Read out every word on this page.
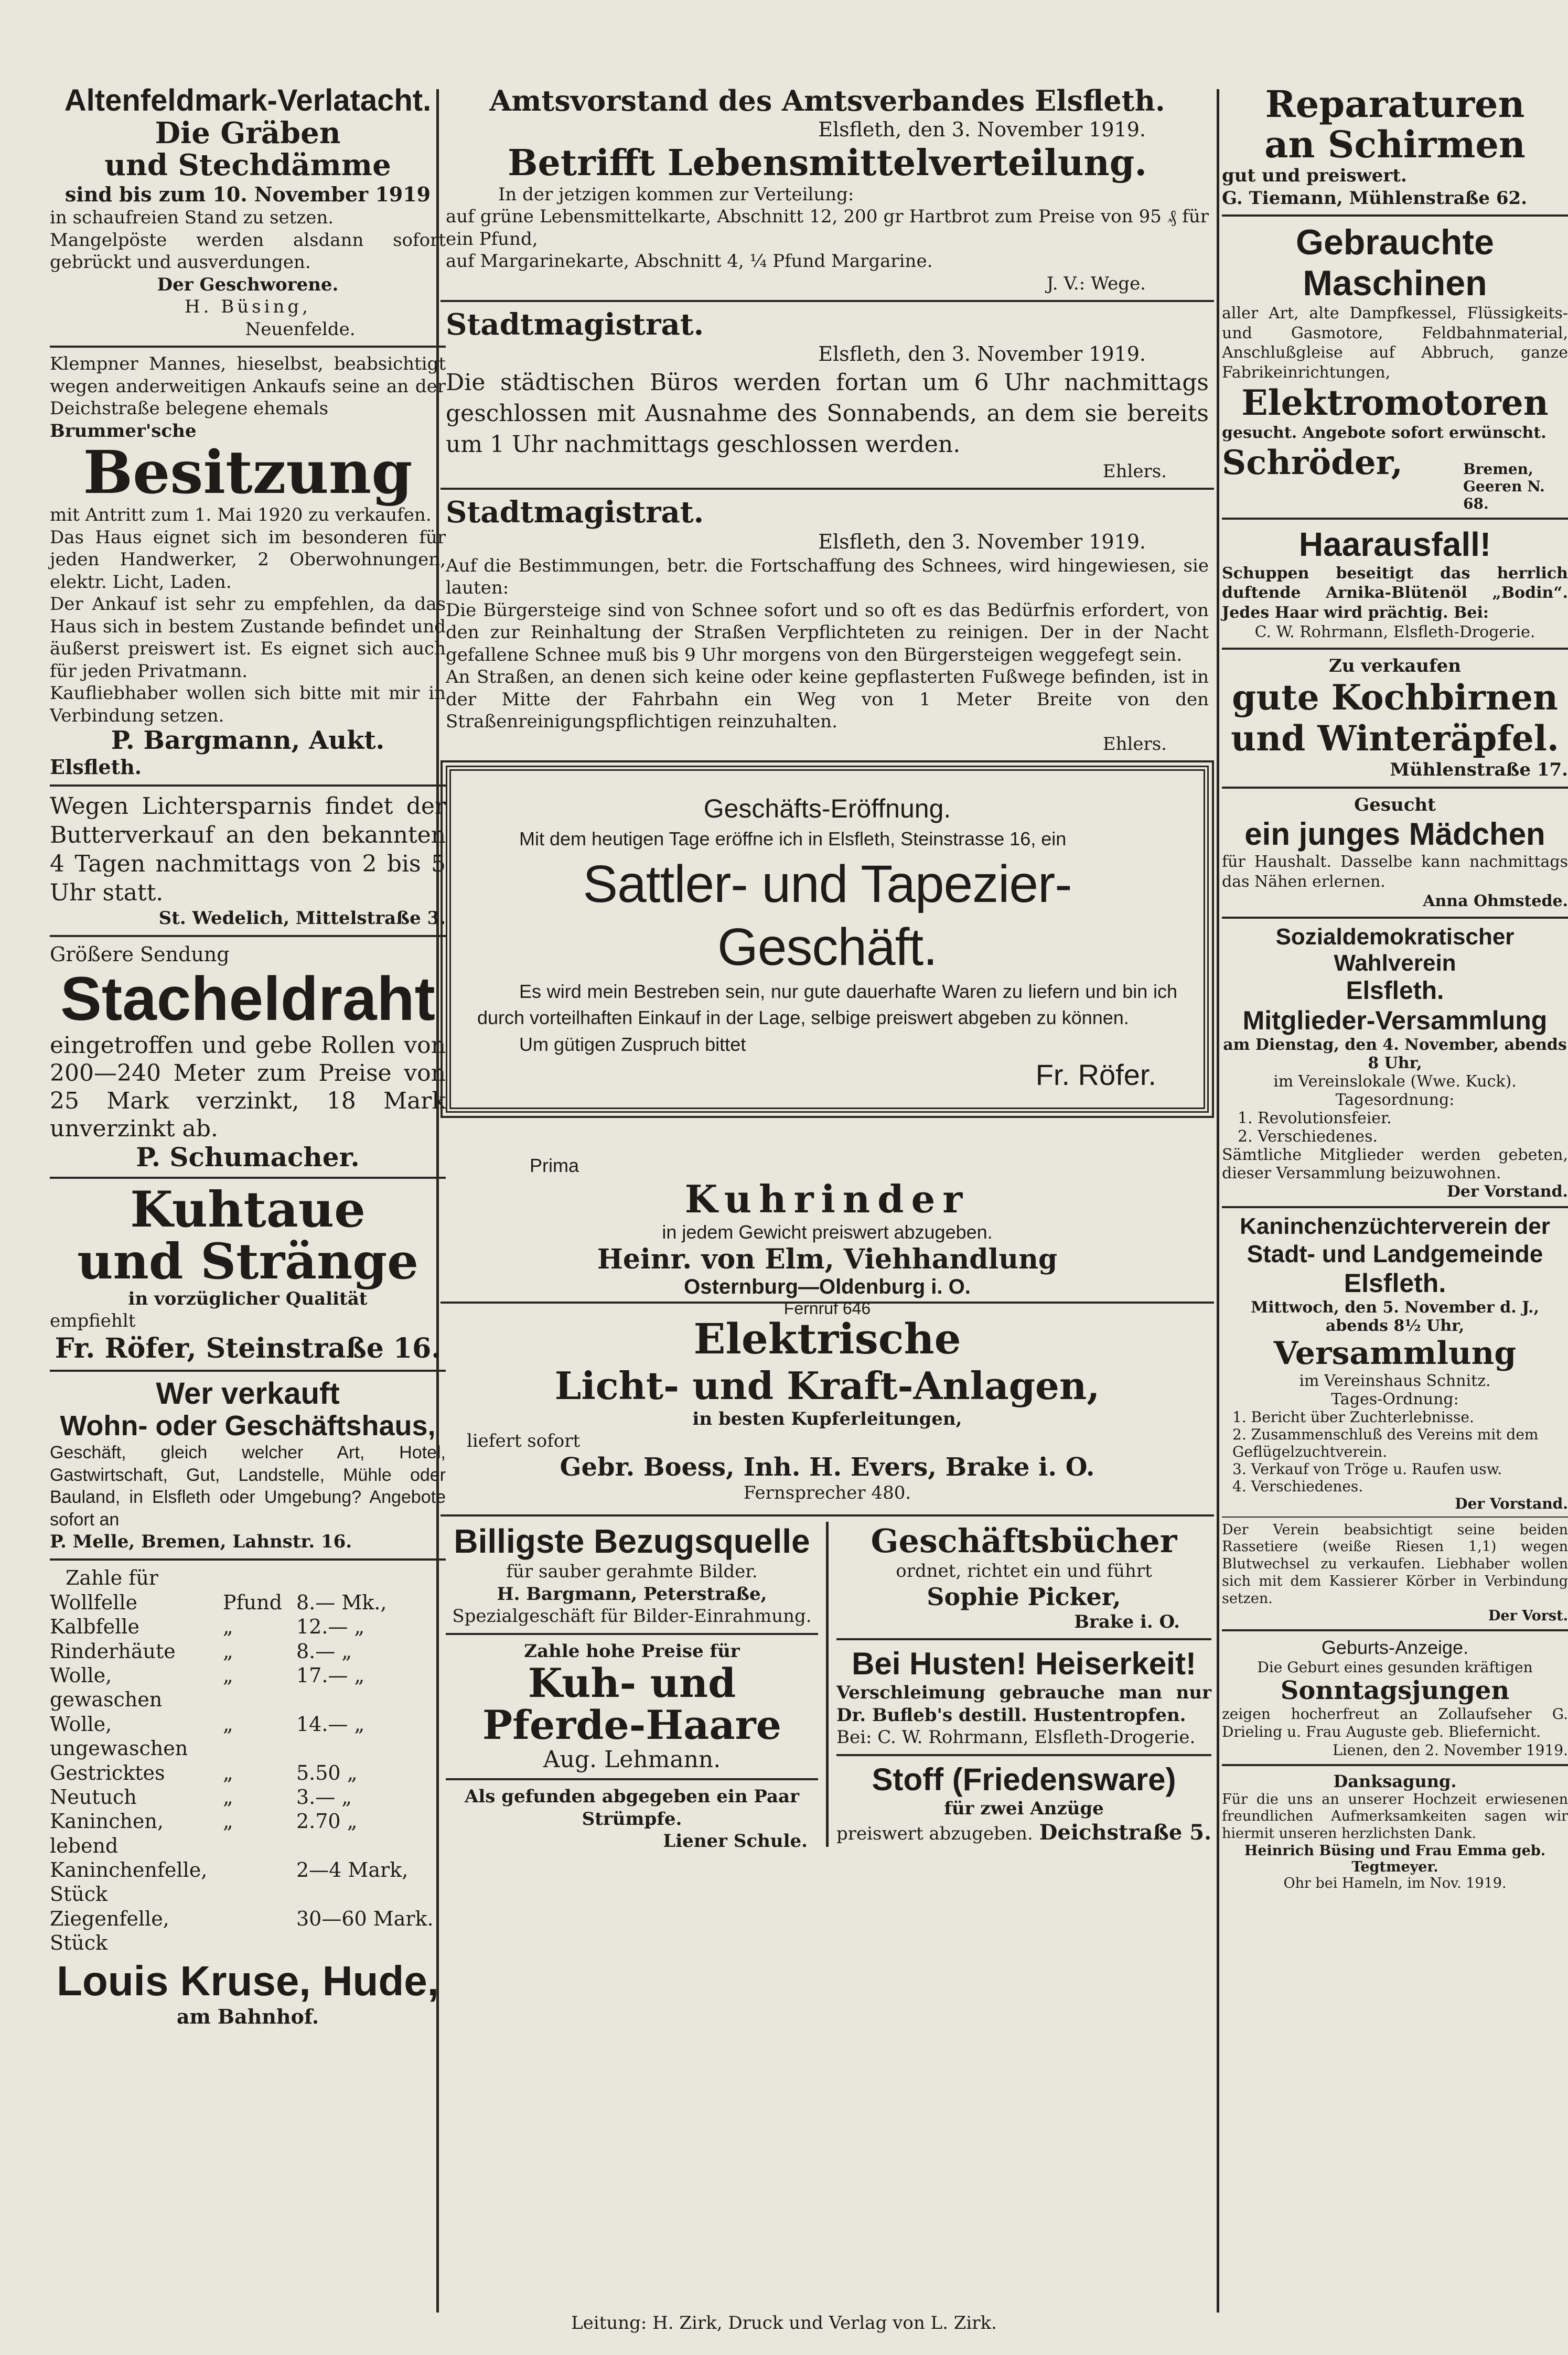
Altenfeldmark-Verlatacht.
Die Gräben
und Stechdämme
sind bis zum 10. November 1919
in schaufreien Stand zu setzen.
Mangelpöste werden alsdann sofort gebrückt und ausverdungen.
Der Geschworene.
H. Büsing,
Neuenfelde.
Klempner Mannes, hieselbst, beabsichtigt wegen anderweitigen Ankaufs seine an der Deichstraße belegene ehemals
Brummer'sche
Besitzung
mit Antritt zum 1. Mai 1920 zu verkaufen.
Das Haus eignet sich im besonderen für jeden Handwerker, 2 Oberwohnungen, elektr. Licht, Laden.
Der Ankauf ist sehr zu empfehlen, da das Haus sich in bestem Zustande befindet und äußerst preiswert ist. Es eignet sich auch für jeden Privatmann.
Kaufliebhaber wollen sich bitte mit mir in Verbindung setzen.
P. Bargmann, Aukt.
Elsfleth.
Wegen Lichtersparnis findet der Butterverkauf an den bekannten 4 Tagen nachmittags von 2 bis 5 Uhr statt.
St. Wedelich, Mittelstraße 3.
Größere Sendung
Stacheldraht
eingetroffen und gebe Rollen von 200—240 Meter zum Preise von 25 Mark verzinkt, 18 Mark unverzinkt ab.
P. Schumacher.
Kuhtaue
und Stränge
in vorzüglicher Qualität
empfiehlt
Fr. Röfer, Steinstraße 16.
Wer verkauft
Wohn- oder Geschäftshaus,
Geschäft, gleich welcher Art, Hotel, Gastwirtschaft, Gut, Landstelle, Mühle oder Bauland, in Elsfleth oder Umgebung? Angebote sofort an
P. Melle, Bremen, Lahnstr. 16.
Zahle für
Wollfelle	Pfund 8.— Mk.,
Kalbfelle	„	12.— „
Rinderhäute	„	8.— „
Wolle, gewaschen
„	17.— „
Wolle, ungewaschen
„	14.— „
Gestricktes	„	5.50 „
Neutuch	„	3.— „
Kaninchen, lebend
„	2.70 „
Kaninchenfelle, Stück
2—4 Mark,
Ziegenfelle, Stück
30—60 Mark.
Louis Kruse, Hude,
am Bahnhof.
Amtsvorstand des Amtsverbandes Elsfleth.
Elsfleth, den 3. November 1919.
Betrifft Lebensmittelverteilung.
In der jetzigen kommen zur Verteilung:
auf grüne Lebensmittelkarte, Abschnitt 12, 200 gr Hartbrot zum Preise von 95 ₰ für ein Pfund,
auf Margarinekarte, Abschnitt 4, ¼ Pfund Margarine.
J. V.: Wege.
Stadtmagistrat.
Elsfleth, den 3. November 1919.
Die städtischen Büros werden fortan um 6 Uhr nachmittags geschlossen mit Ausnahme des Sonnabends, an dem sie bereits um 1 Uhr nachmittags geschlossen werden.
Ehlers.
Stadtmagistrat.
Elsfleth, den 3. November 1919.
Auf die Bestimmungen, betr. die Fortschaffung des Schnees, wird hingewiesen, sie lauten:
Die Bürgersteige sind von Schnee sofort und so oft es das Bedürfnis erfordert, von den zur Reinhaltung der Straßen Verpflichteten zu reinigen. Der in der Nacht gefallene Schnee muß bis 9 Uhr morgens von den Bürgersteigen weggefegt sein.
An Straßen, an denen sich keine oder keine gepflasterten Fußwege befinden, ist in der Mitte der Fahrbahn ein Weg von 1 Meter Breite von den Straßenreinigungspflichtigen reinzuhalten.
Ehlers.
Geschäfts-Eröffnung.
Mit dem heutigen Tage eröffne ich in Elsfleth, Steinstrasse 16, ein
Sattler- und Tapezier-Geschäft.
Es wird mein Bestreben sein, nur gute dauerhafte Waren zu liefern und bin ich durch vorteilhaften Einkauf in der Lage, selbige preiswert abgeben zu können.
Um gütigen Zuspruch bittet
Fr. Röfer.
Prima
Kuhrinder
in jedem Gewicht preiswert abzugeben.
Heinr. von Elm, Viehhandlung
Osternburg—Oldenburg i. O.
Fernruf 646
Elektrische
Licht- und Kraft-Anlagen,
in besten Kupferleitungen,
liefert sofort
Gebr. Boess, Inh. H. Evers, Brake i. O.
Fernsprecher 480.
Billigste Bezugsquelle
für sauber gerahmte Bilder.
H. Bargmann, Peterstraße,
Spezialgeschäft für Bilder-Einrahmung.
Zahle hohe Preise für
Kuh- und
Pferde-Haare
Aug. Lehmann.
Als gefunden abgegeben ein Paar Strümpfe.
Liener Schule.
Geschäftsbücher
ordnet, richtet ein und führt
Sophie Picker,
Brake i. O.
Bei Husten! Heiserkeit!
Verschleimung gebrauche man nur Dr. Bufleb's destill. Hustentropfen.
Bei: C. W. Rohrmann, Elsfleth-Drogerie.
Stoff (Friedensware)
für zwei Anzüge
preiswert abzugeben. Deichstraße 5.
Reparaturen
an Schirmen
gut und preiswert.
G. Tiemann, Mühlenstraße 62.
Gebrauchte Maschinen
aller Art, alte Dampfkessel, Flüssigkeits- und Gasmotore, Feldbahnmaterial, Anschlußgleise auf Abbruch, ganze Fabrikeinrichtungen,
Elektromotoren
gesucht. Angebote sofort erwünscht.
Schröder,	Bremen, Geeren N. 68.
Haarausfall!
Schuppen beseitigt das herrlich duftende Arnika-Blütenöl „Bodin“. Jedes Haar wird prächtig. Bei:
C. W. Rohrmann, Elsfleth-Drogerie.
Zu verkaufen
gute Kochbirnen
und Winteräpfel.
Mühlenstraße 17.
Gesucht
ein junges Mädchen
für Haushalt. Dasselbe kann nachmittags das Nähen erlernen.
Anna Ohmstede.
Sozialdemokratischer Wahlverein
Elsfleth.
Mitglieder-Versammlung
am Dienstag, den 4. November, abends 8 Uhr,
im Vereinslokale (Wwe. Kuck).
Tagesordnung:
1. Revolutionsfeier.
2. Verschiedenes.
Sämtliche Mitglieder werden gebeten, dieser Versammlung beizuwohnen.
Der Vorstand.
Kaninchenzüchterverein der
Stadt- und Landgemeinde
Elsfleth.
Mittwoch, den 5. November d. J., abends 8½ Uhr,
Versammlung
im Vereinshaus Schnitz.
Tages-Ordnung:
1. Bericht über Zuchterlebnisse.
2. Zusammenschluß des Vereins mit dem Geflügelzuchtverein.
3. Verkauf von Tröge u. Raufen usw.
4. Verschiedenes.
Der Vorstand.
Der Verein beabsichtigt seine beiden Rassetiere (weiße Riesen 1,1) wegen Blutwechsel zu verkaufen. Liebhaber wollen sich mit dem Kassierer Körber in Verbindung setzen.
Der Vorst.
Geburts-Anzeige.
Die Geburt eines gesunden kräftigen
Sonntagsjungen
zeigen hocherfreut an Zollaufseher G. Drieling u. Frau Auguste geb. Bliefernicht.
Lienen, den 2. November 1919.
Danksagung.
Für die uns an unserer Hochzeit erwiesenen freundlichen Aufmerksamkeiten sagen wir hiermit unseren herzlichsten Dank.
Heinrich Büsing und Frau Emma geb. Tegtmeyer.
Ohr bei Hameln, im Nov. 1919.
Leitung: H. Zirk, Druck und Verlag von L. Zirk.
